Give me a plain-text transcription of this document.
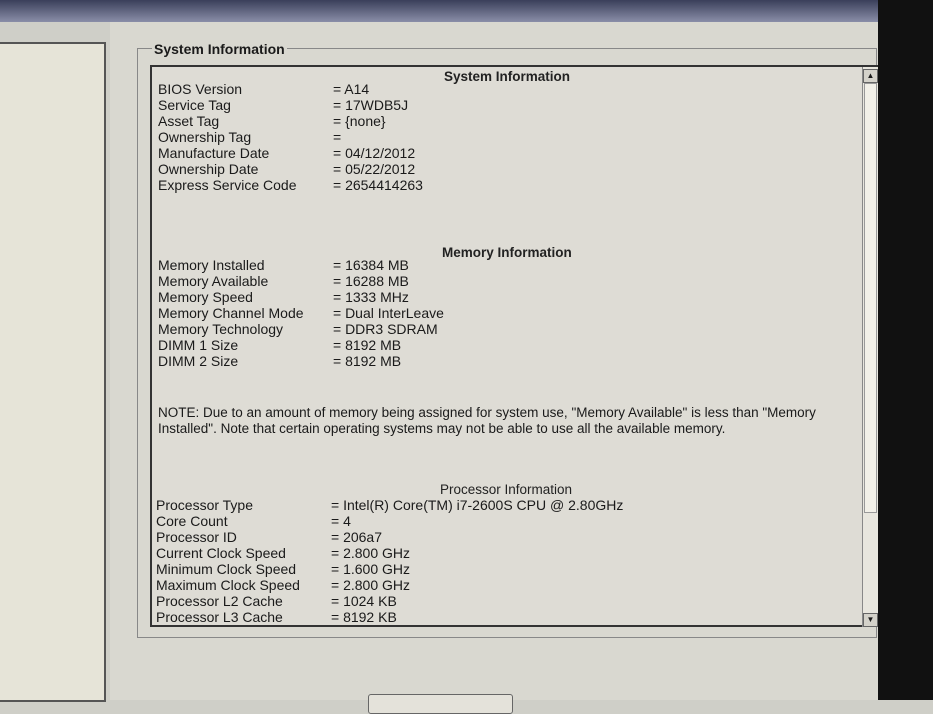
System Information
System Information
BIOS Version	= A14
Service Tag	= 17WDB5J
Asset Tag	= {none}
Ownership Tag	=
Manufacture Date	= 04/12/2012
Ownership Date	= 05/22/2012
Express Service Code	= 2654414263
Memory Information
Memory Installed	= 16384 MB
Memory Available	= 16288 MB
Memory Speed	= 1333 MHz
Memory Channel Mode = Dual InterLeave
Memory Technology	= DDR3 SDRAM
DIMM 1 Size	= 8192 MB
DIMM 2 Size	= 8192 MB
NOTE: Due to an amount of memory being assigned for system use, "Memory Available" is less than "Memory Installed". Note that certain operating systems may not be able to use all the available memory.
Processor Information
Processor Type	= Intel(R) Core(TM) i7-2600S CPU @ 2.80GHz
Core Count	= 4
Processor ID	= 206a7
Current Clock Speed	= 2.800 GHz
Minimum Clock Speed = 1.600 GHz
Maximum Clock Speed = 2.800 GHz
Processor L2 Cache	= 1024 KB
Processor L3 Cache	= 8192 KB
▲
▼
